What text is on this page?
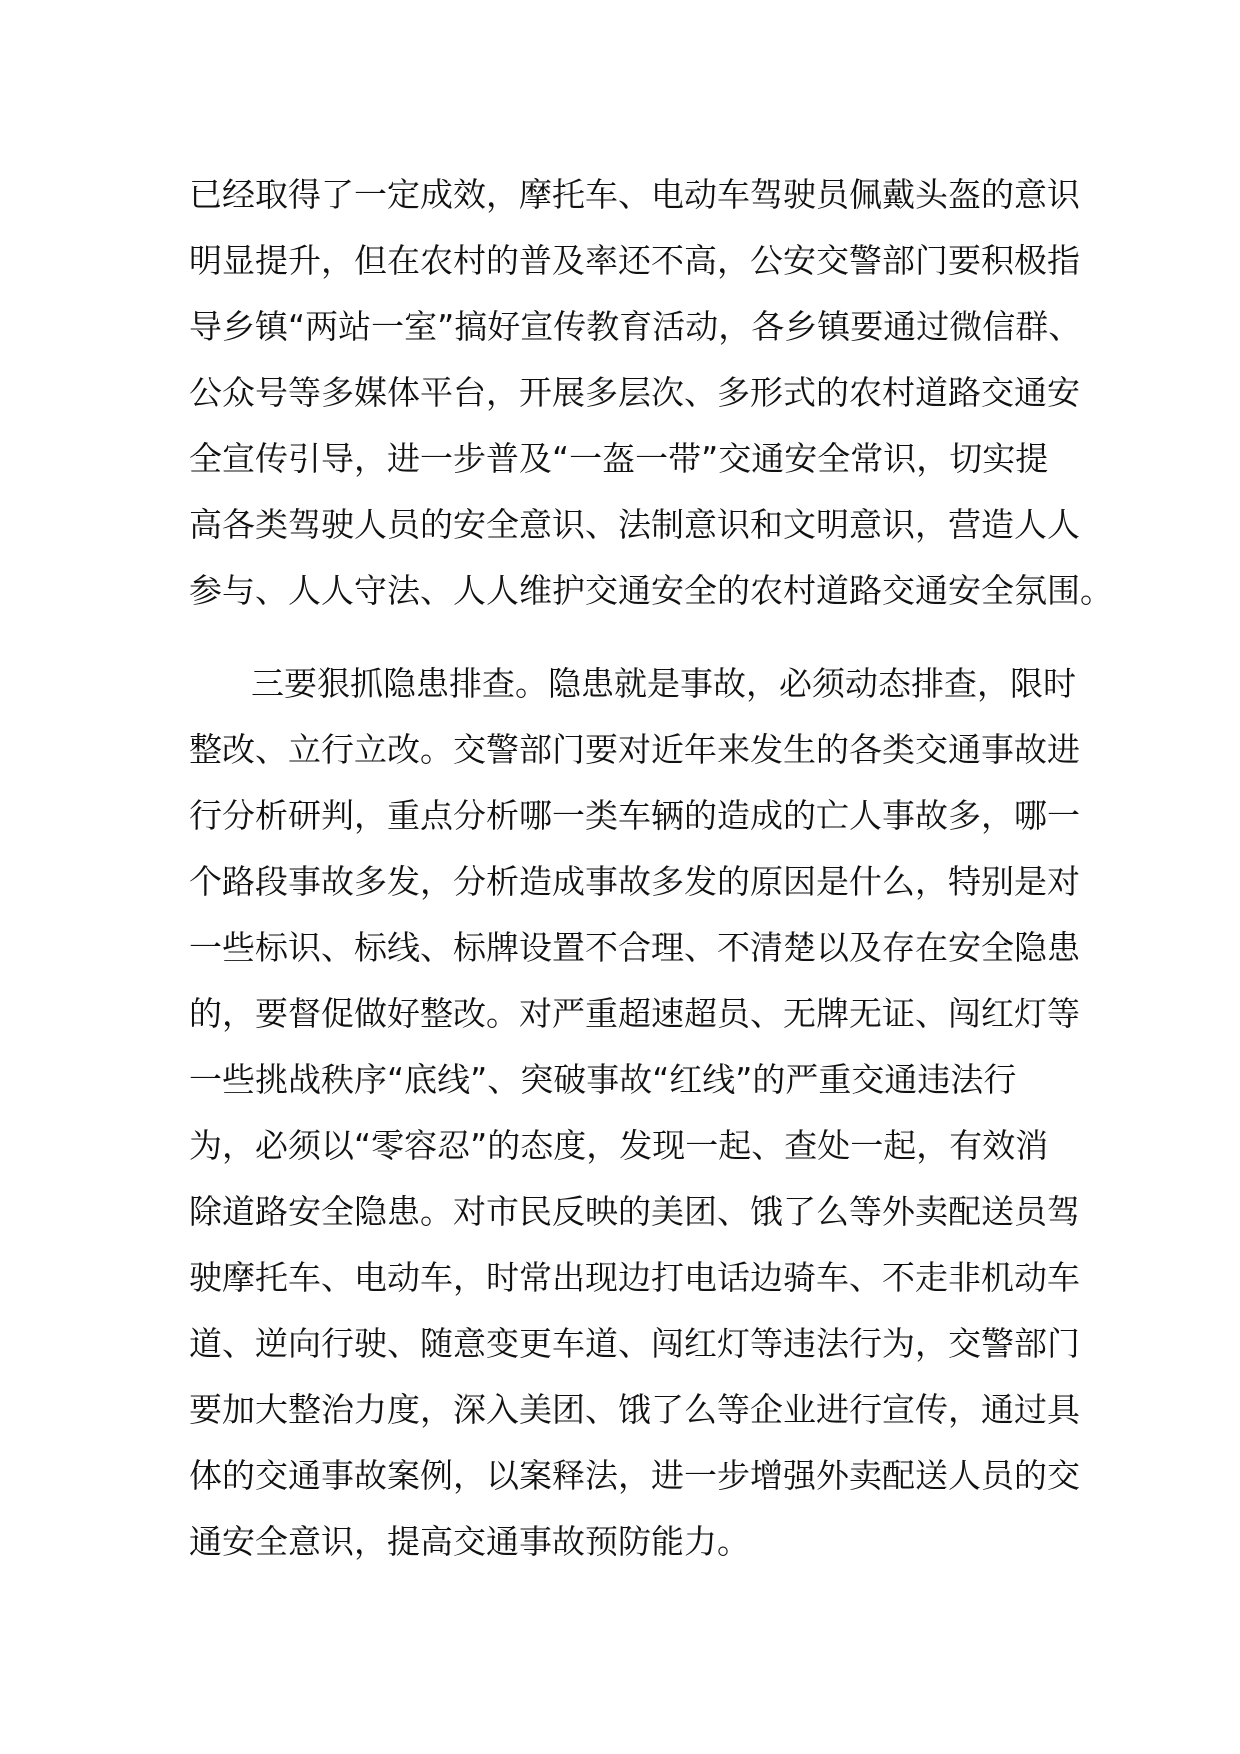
已经取得了一定成效，摩托车、电动车驾驶员佩戴头盔的意识
明显提升，但在农村的普及率还不高，公安交警部门要积极指
导乡镇“两站一室”搞好宣传教育活动，各乡镇要通过微信群、
公众号等多媒体平台，开展多层次、多形式的农村道路交通安
全宣传引导，进一步普及“一盔一带”交通安全常识，切实提
高各类驾驶人员的安全意识、法制意识和文明意识，营造人人
参与、人人守法、人人维护交通安全的农村道路交通安全氛围。
三要狠抓隐患排查。隐患就是事故，必须动态排查，限时
整改、立行立改。交警部门要对近年来发生的各类交通事故进
行分析研判，重点分析哪一类车辆的造成的亡人事故多，哪一
个路段事故多发，分析造成事故多发的原因是什么，特别是对
一些标识、标线、标牌设置不合理、不清楚以及存在安全隐患
的，要督促做好整改。对严重超速超员、无牌无证、闯红灯等
一些挑战秩序“底线”、突破事故“红线”的严重交通违法行
为，必须以“零容忍”的态度，发现一起、查处一起，有效消
除道路安全隐患。对市民反映的美团、饿了么等外卖配送员驾
驶摩托车、电动车，时常出现边打电话边骑车、不走非机动车
道、逆向行驶、随意变更车道、闯红灯等违法行为，交警部门
要加大整治力度，深入美团、饿了么等企业进行宣传，通过具
体的交通事故案例，以案释法，进一步增强外卖配送人员的交
通安全意识，提高交通事故预防能力。
